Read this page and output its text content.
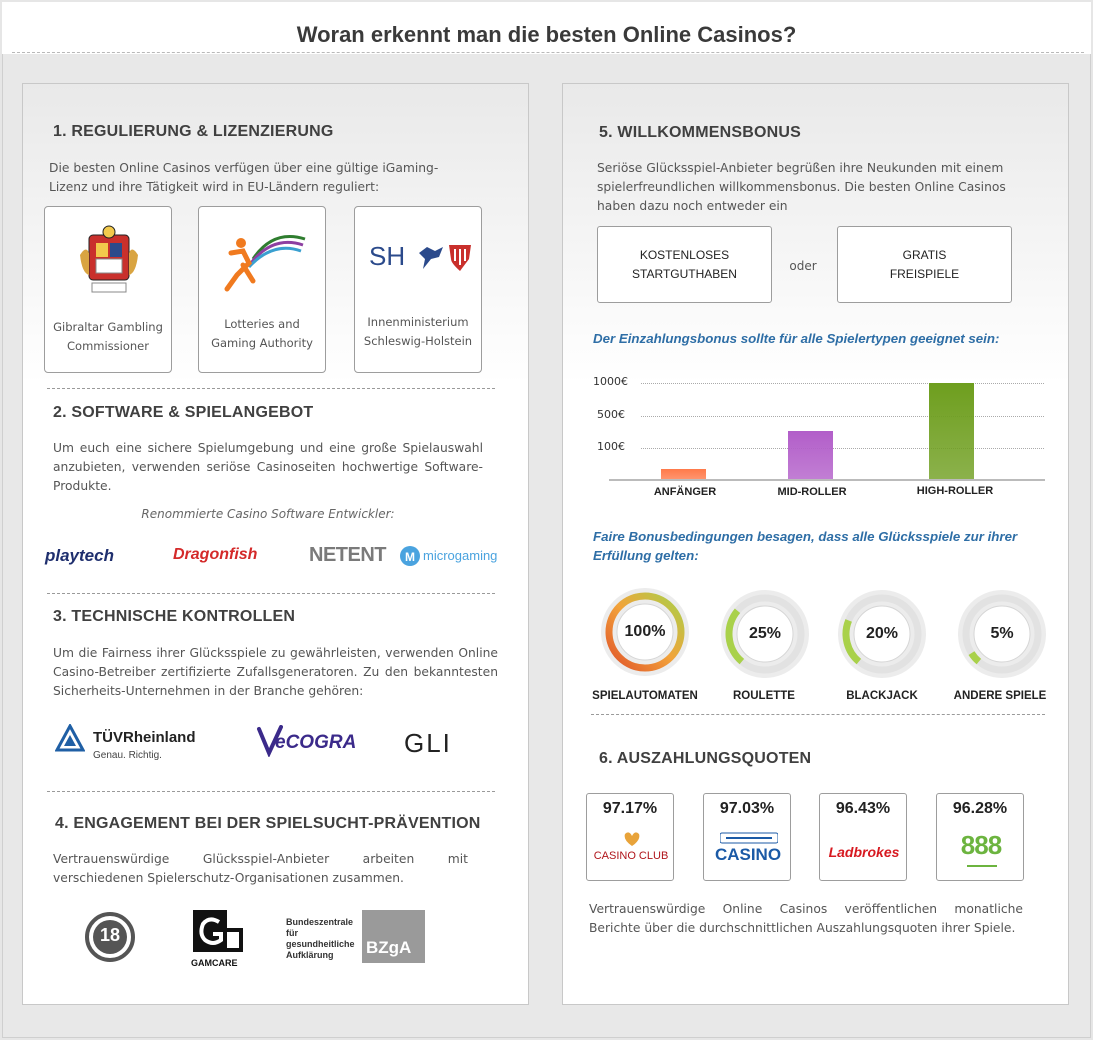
Woran erkennt man die besten Online Casinos?
1. REGULIERUNG & LIZENZIERUNG

Die besten Online Casinos verfügen über eine gültige iGaming-Lizenz und ihre Tätigkeit wird in EU-Ländern reguliert:

Gibraltar Gambling
Commissioner
Lotteries and
Gaming Authority
SH
Innenministerium
Schleswig-Holstein
2. SOFTWARE & SPIELANGEBOT

Um euch eine sichere Spielumgebung und eine große Spielauswahl anzubieten, verwenden seriöse Casinoseiten hochwertige Software-Produkte.

Renommierte Casino Software Entwickler:
playtech	Dragonfish	NETENT M microgaming
3. TECHNISCHE KONTROLLEN

Um die Fairness ihrer Glücksspiele zu gewährleisten, verwenden Online Casino-Betreiber zertifizierte Zufallsgeneratoren. Zu den bekanntesten Sicherheits-Unternehmen in der Branche gehören:

TÜVRheinland
Genau. Richtig.
eCOGRA GLI
4. ENGAGEMENT BEI DER SPIELSUCHT-PRÄVENTION

Vertrauenswürdige Glücksspiel-Anbieter arbeiten mit verschiedenen Spielerschutz-Organisationen zusammen.

18
GAMCARE
Bundeszentrale
für
gesundheitliche
Aufklärung	BZgA
5. WILLKOMMENSBONUS

Seriöse Glücksspiel-Anbieter begrüßen ihre Neukunden mit einem spielerfreundlichen willkommensbonus. Die besten Online Casinos haben dazu noch entweder ein

KOSTENLOSES
STARTGUTHABEN
oder
GRATIS
FREISPIELE
Der Einzahlungsbonus sollte für alle Spielertypen geeignet sein:
1000€
500€
100€
ANFÄNGER	MID-ROLLER	HIGH-ROLLER
Faire Bonusbedingungen besagen, dass alle Glücksspiele zur ihrer Erfüllung gelten:
100%	25%	20%	5%
SPIELAUTOMATEN	ROULETTE	BLACKJACK	ANDERE SPIELE
6. AUSZAHLUNGSQUOTEN
97.17%
CASINO CLUB
97.03%
CASINO
96.43%
Ladbrokes
96.28%
888

Vertrauenswürdige Online Casinos veröffentlichen monatliche Berichte über die durchschnittlichen Auszahlungsquoten ihrer Spiele.
